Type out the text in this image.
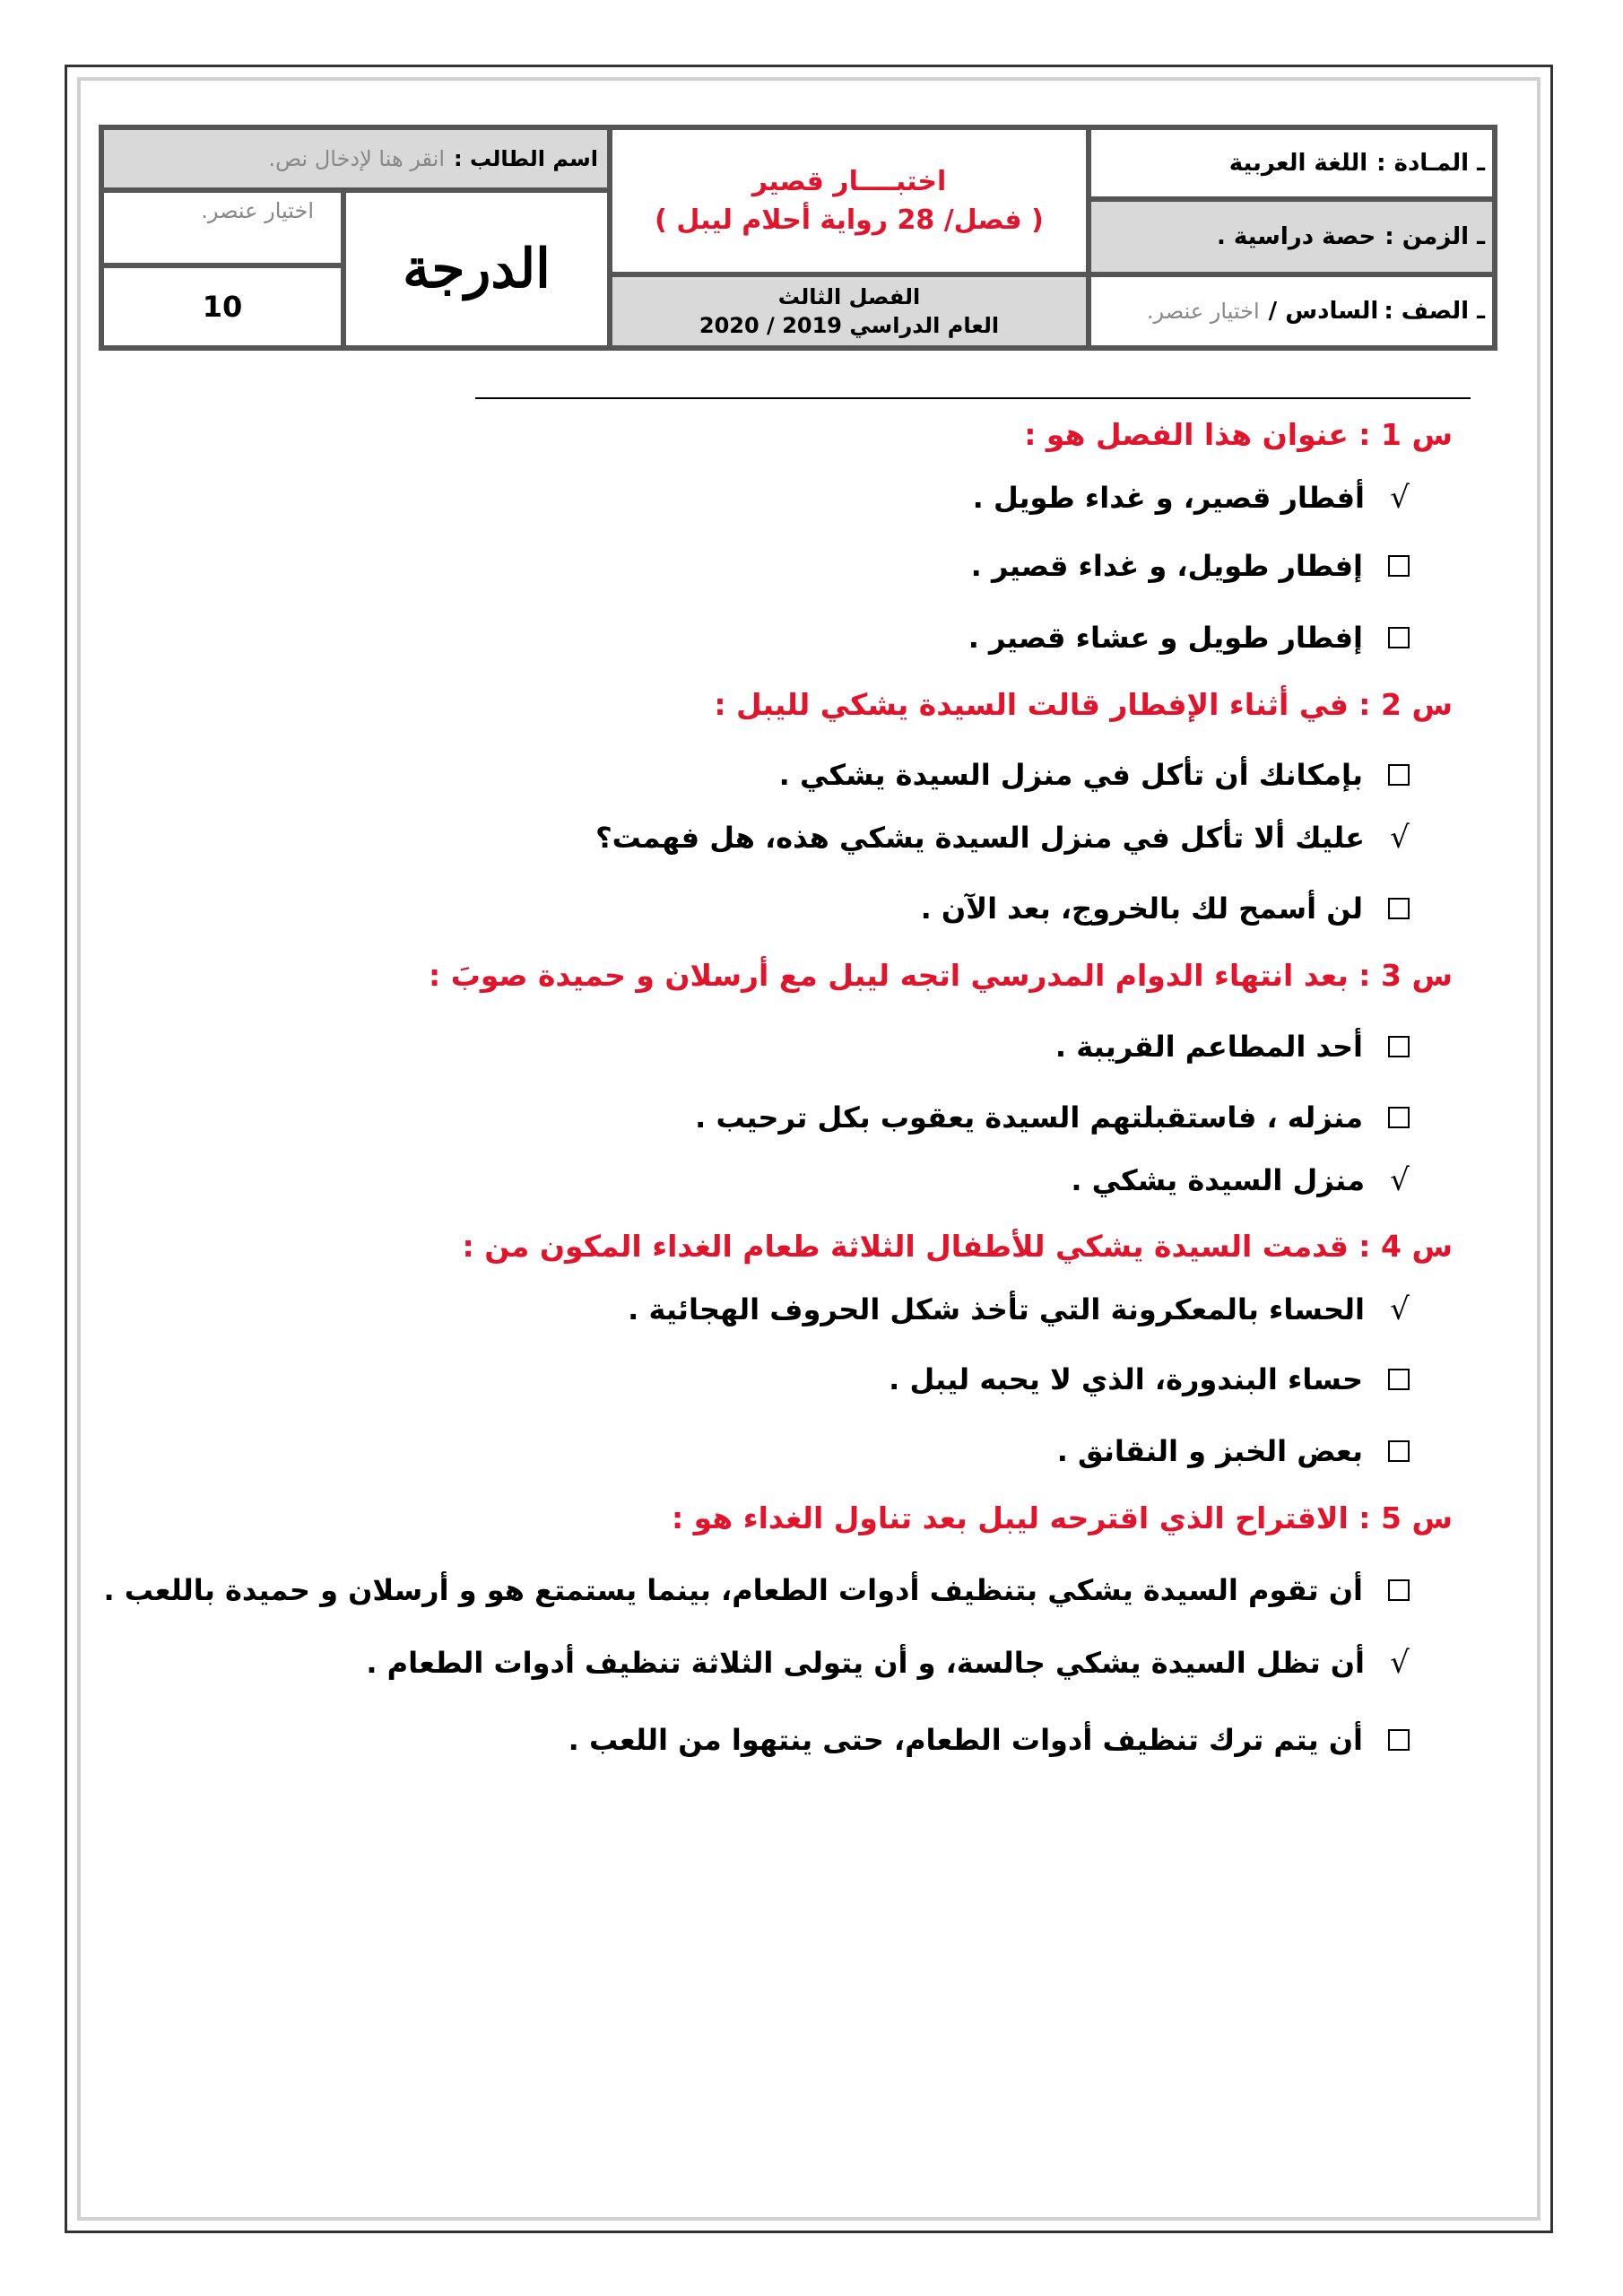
ـ المـادة :
اللغة العربية
ـ الزمن :
حصة دراسية .
ـ الصف :
السادس /
اختيار عنصر.
اختبــــار قصير
( فصل/ 28 رواية أحلام ليبل )
الفصل الثالث
العام الدراسي 2019 / 2020
اسم الطالب :
انقر هنا لإدخال نص.
الدرجة
اختيار عنصر.
10
س 1 : عنوان هذا الفصل هو :
√
أفطار قصير، و غداء طويل .
إفطار طويل، و غداء قصير .
إفطار طويل و عشاء قصير .
س 2 : في أثناء الإفطار قالت السيدة يشكي لليبل :
بإمكانك أن تأكل في منزل السيدة يشكي .
√
عليك ألا تأكل في منزل السيدة يشكي هذه، هل فهمت؟
لن أسمح لك بالخروج، بعد الآن .
س 3 : بعد انتهاء الدوام المدرسي اتجه ليبل مع أرسلان و حميدة صوبَ :
أحد المطاعم القريبة .
منزله ، فاستقبلتهم السيدة يعقوب بكل ترحيب .
√
منزل السيدة يشكي .
س 4 : قدمت السيدة يشكي للأطفال الثلاثة طعام الغداء المكون من :
√
الحساء بالمعكرونة التي تأخذ شكل الحروف الهجائية .
حساء البندورة، الذي لا يحبه ليبل .
بعض الخبز و النقانق .
س 5 : الاقتراح الذي اقترحه ليبل بعد تناول الغداء هو :
أن تقوم السيدة يشكي بتنظيف أدوات الطعام، بينما يستمتع هو و أرسلان و حميدة باللعب .
√
أن تظل السيدة يشكي جالسة، و أن يتولى الثلاثة تنظيف أدوات الطعام .
أن يتم ترك تنظيف أدوات الطعام، حتى ينتهوا من اللعب .
